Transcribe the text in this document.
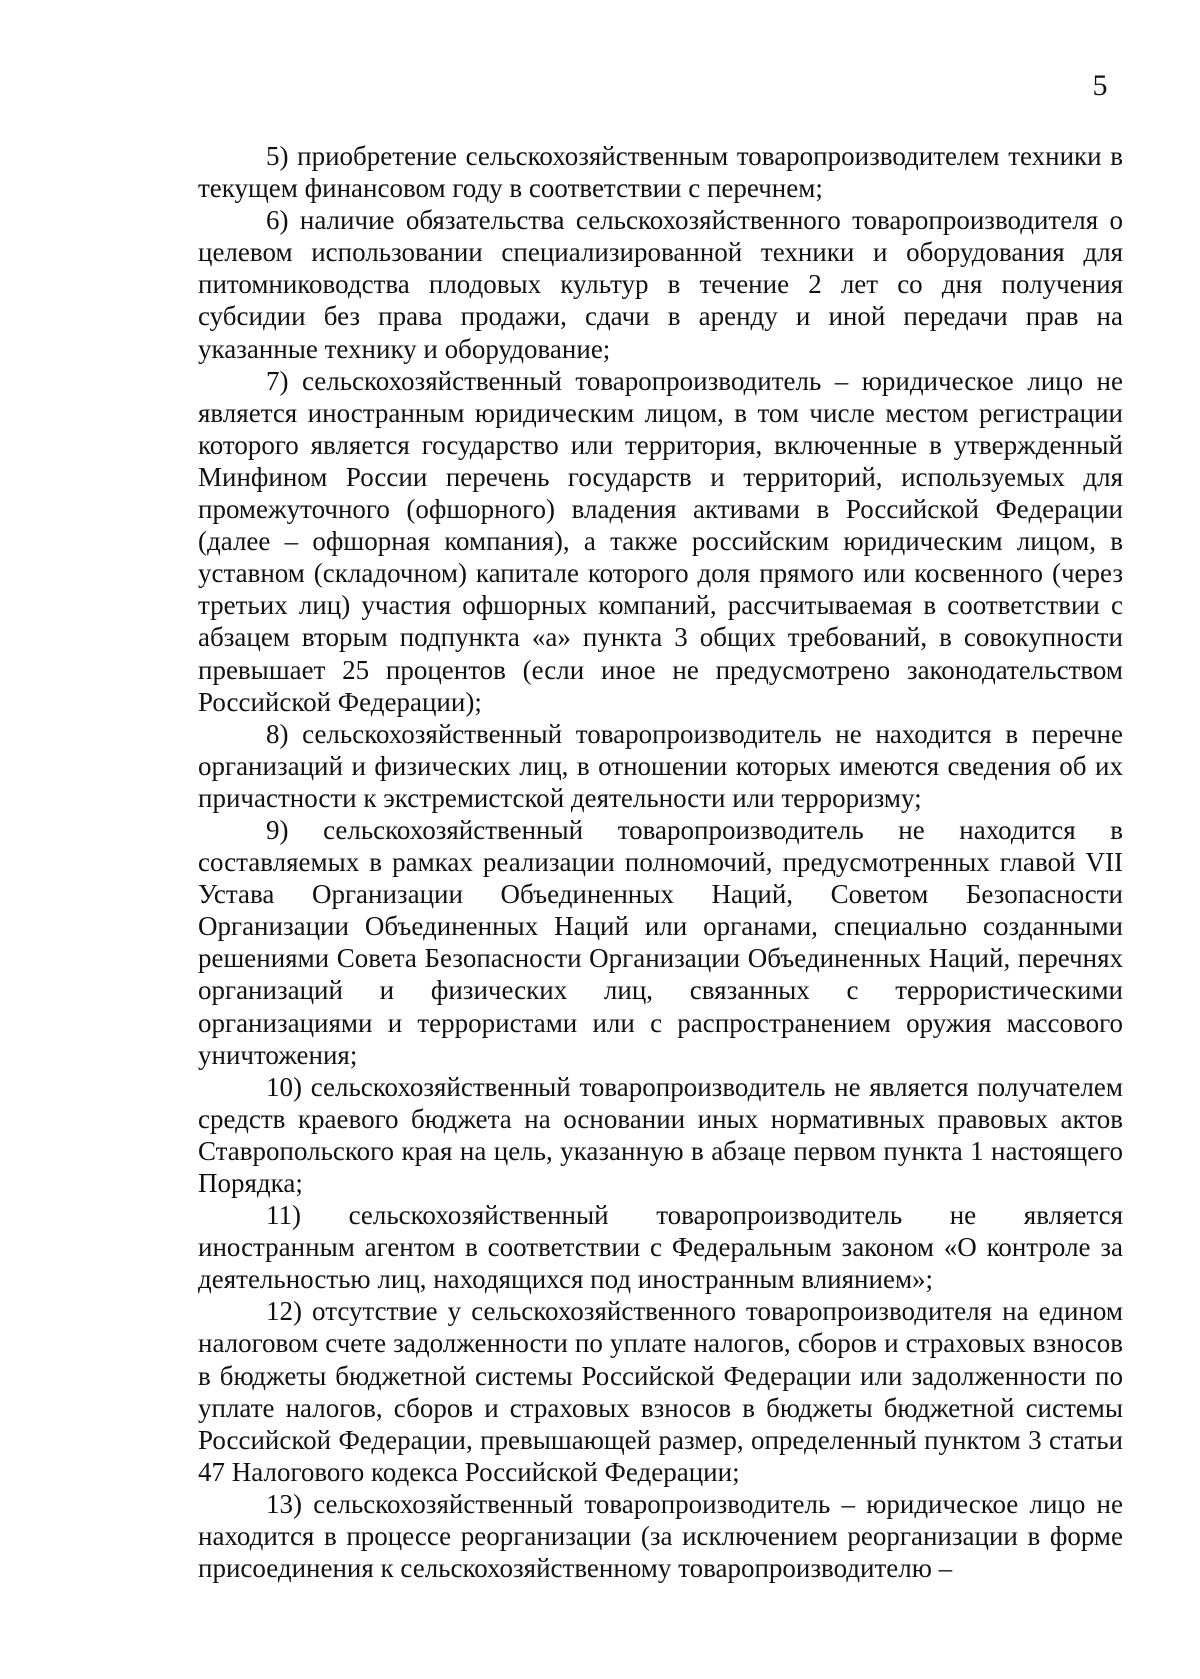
5

5) приобретение сельскохозяйственным товаропроизводителем техники в текущем финансовом году в соответствии с перечнем;

6) наличие обязательства сельскохозяйственного товаропроизводителя о целевом использовании специализированной техники и оборудования для питомниководства плодовых культур в течение 2 лет со дня получения субсидии без права продажи, сдачи в аренду и иной передачи прав на указанные технику и оборудование;

7) сельскохозяйственный товаропроизводитель – юридическое лицо не является иностранным юридическим лицом, в том числе местом регистрации которого является государство или территория, включенные в утвержденный Минфином России перечень государств и территорий, используемых для промежуточного (офшорного) владения активами в Российской Федерации (далее – офшорная компания), а также российским юридическим лицом, в уставном (складочном) капитале которого доля прямого или косвенного (через третьих лиц) участия офшорных компаний, рассчитываемая в соответствии с абзацем вторым подпункта «а» пункта 3 общих требований, в совокупности превышает 25 процентов (если иное не предусмотрено законодательством Российской Федерации);

8) сельскохозяйственный товаропроизводитель не находится в перечне организаций и физических лиц, в отношении которых имеются сведения об их причастности к экстремистской деятельности или терроризму;

9) сельскохозяйственный товаропроизводитель не находится в составляемых в рамках реализации полномочий, предусмотренных главой VII Устава Организации Объединенных Наций, Советом Безопасности Организации Объединенных Наций или органами, специально созданными решениями Совета Безопасности Организации Объединенных Наций, перечнях организаций и физических лиц, связанных с террористическими организациями и террористами или с распространением оружия массового уничтожения;

10) сельскохозяйственный товаропроизводитель не является получателем средств краевого бюджета на основании иных нормативных правовых актов Ставропольского края на цель, указанную в абзаце первом пункта 1 настоящего Порядка;

11) сельскохозяйственный товаропроизводитель не является иностранным агентом в соответствии с Федеральным законом «О контроле за деятельностью лиц, находящихся под иностранным влиянием»;

12) отсутствие у сельскохозяйственного товаропроизводителя на едином налоговом счете задолженности по уплате налогов, сборов и страховых взносов в бюджеты бюджетной системы Российской Федерации или задолженности по уплате налогов, сборов и страховых взносов в бюджеты бюджетной системы Российской Федерации, превышающей размер, определенный пунктом 3 статьи 47 Налогового кодекса Российской Федерации;

13) сельскохозяйственный товаропроизводитель – юридическое лицо не находится в процессе реорганизации (за исключением реорганизации в форме присоединения к сельскохозяйственному товаропроизводителю –
